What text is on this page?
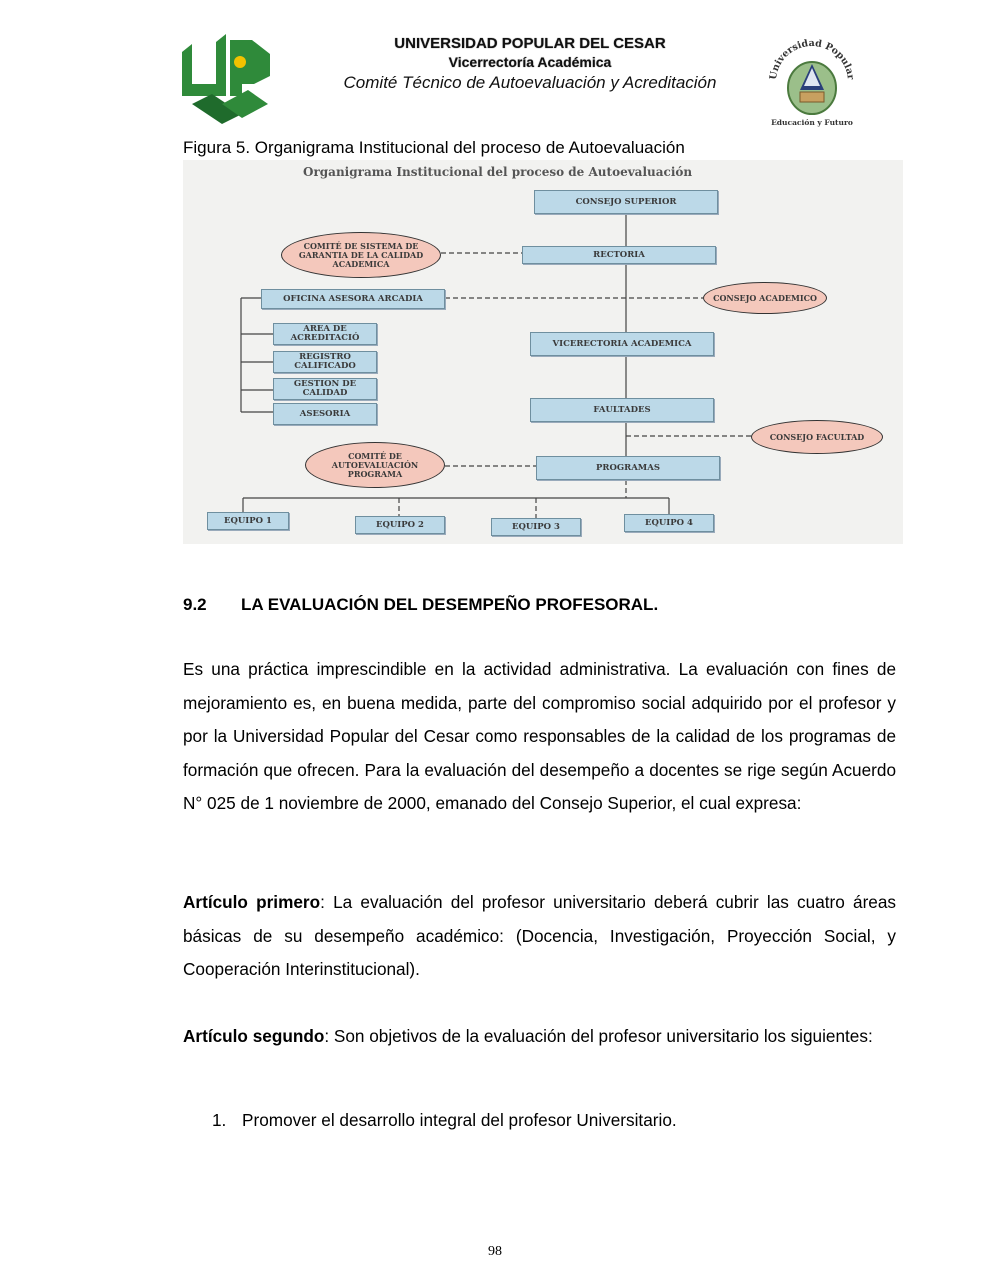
UNIVERSIDAD POPULAR DEL CESAR
Vicerrectoría Académica
Comité Técnico de Autoevaluación y Acreditación	Universidad Popular
Educación y Futuro
Figura 5. Organigrama Institucional del proceso de Autoevaluación
Organigrama Institucional del proceso de Autoevaluación
CONSEJO SUPERIOR
RECTORIA
OFICINA ASESORA ARCADIA
AREA DE ACREDITACIÓ
REGISTRO CALIFICADO
GESTION DE CALIDAD
ASESORIA
VICERECTORIA ACADEMICA
FAULTADES
PROGRAMAS
EQUIPO 1	EQUIPO 2	EQUIPO 3	EQUIPO 4
COMITÉ DE SISTEMA DE GARANTIA DE LA CALIDAD ACADEMICA
CONSEJO ACADEMICO
CONSEJO FACULTAD
COMITÉ DE AUTOEVALUACIÓN PROGRAMA
9.2 LA EVALUACIÓN DEL DESEMPEÑO PROFESORAL.
Es una práctica imprescindible en la actividad administrativa. La evaluación con fines de mejoramiento es, en buena medida, parte del compromiso social adquirido por el profesor y por la Universidad Popular del Cesar como responsables de la calidad de los programas de formación que ofrecen. Para la evaluación del desempeño a docentes se rige según Acuerdo N° 025 de 1 noviembre de 2000, emanado del Consejo Superior, el cual expresa:
Artículo primero: La evaluación del profesor universitario deberá cubrir las cuatro áreas básicas de su desempeño académico: (Docencia, Investigación, Proyección Social, y Cooperación Interinstitucional).
Artículo segundo: Son objetivos de la evaluación del profesor universitario los siguientes:
1. Promover el desarrollo integral del profesor Universitario.
98
